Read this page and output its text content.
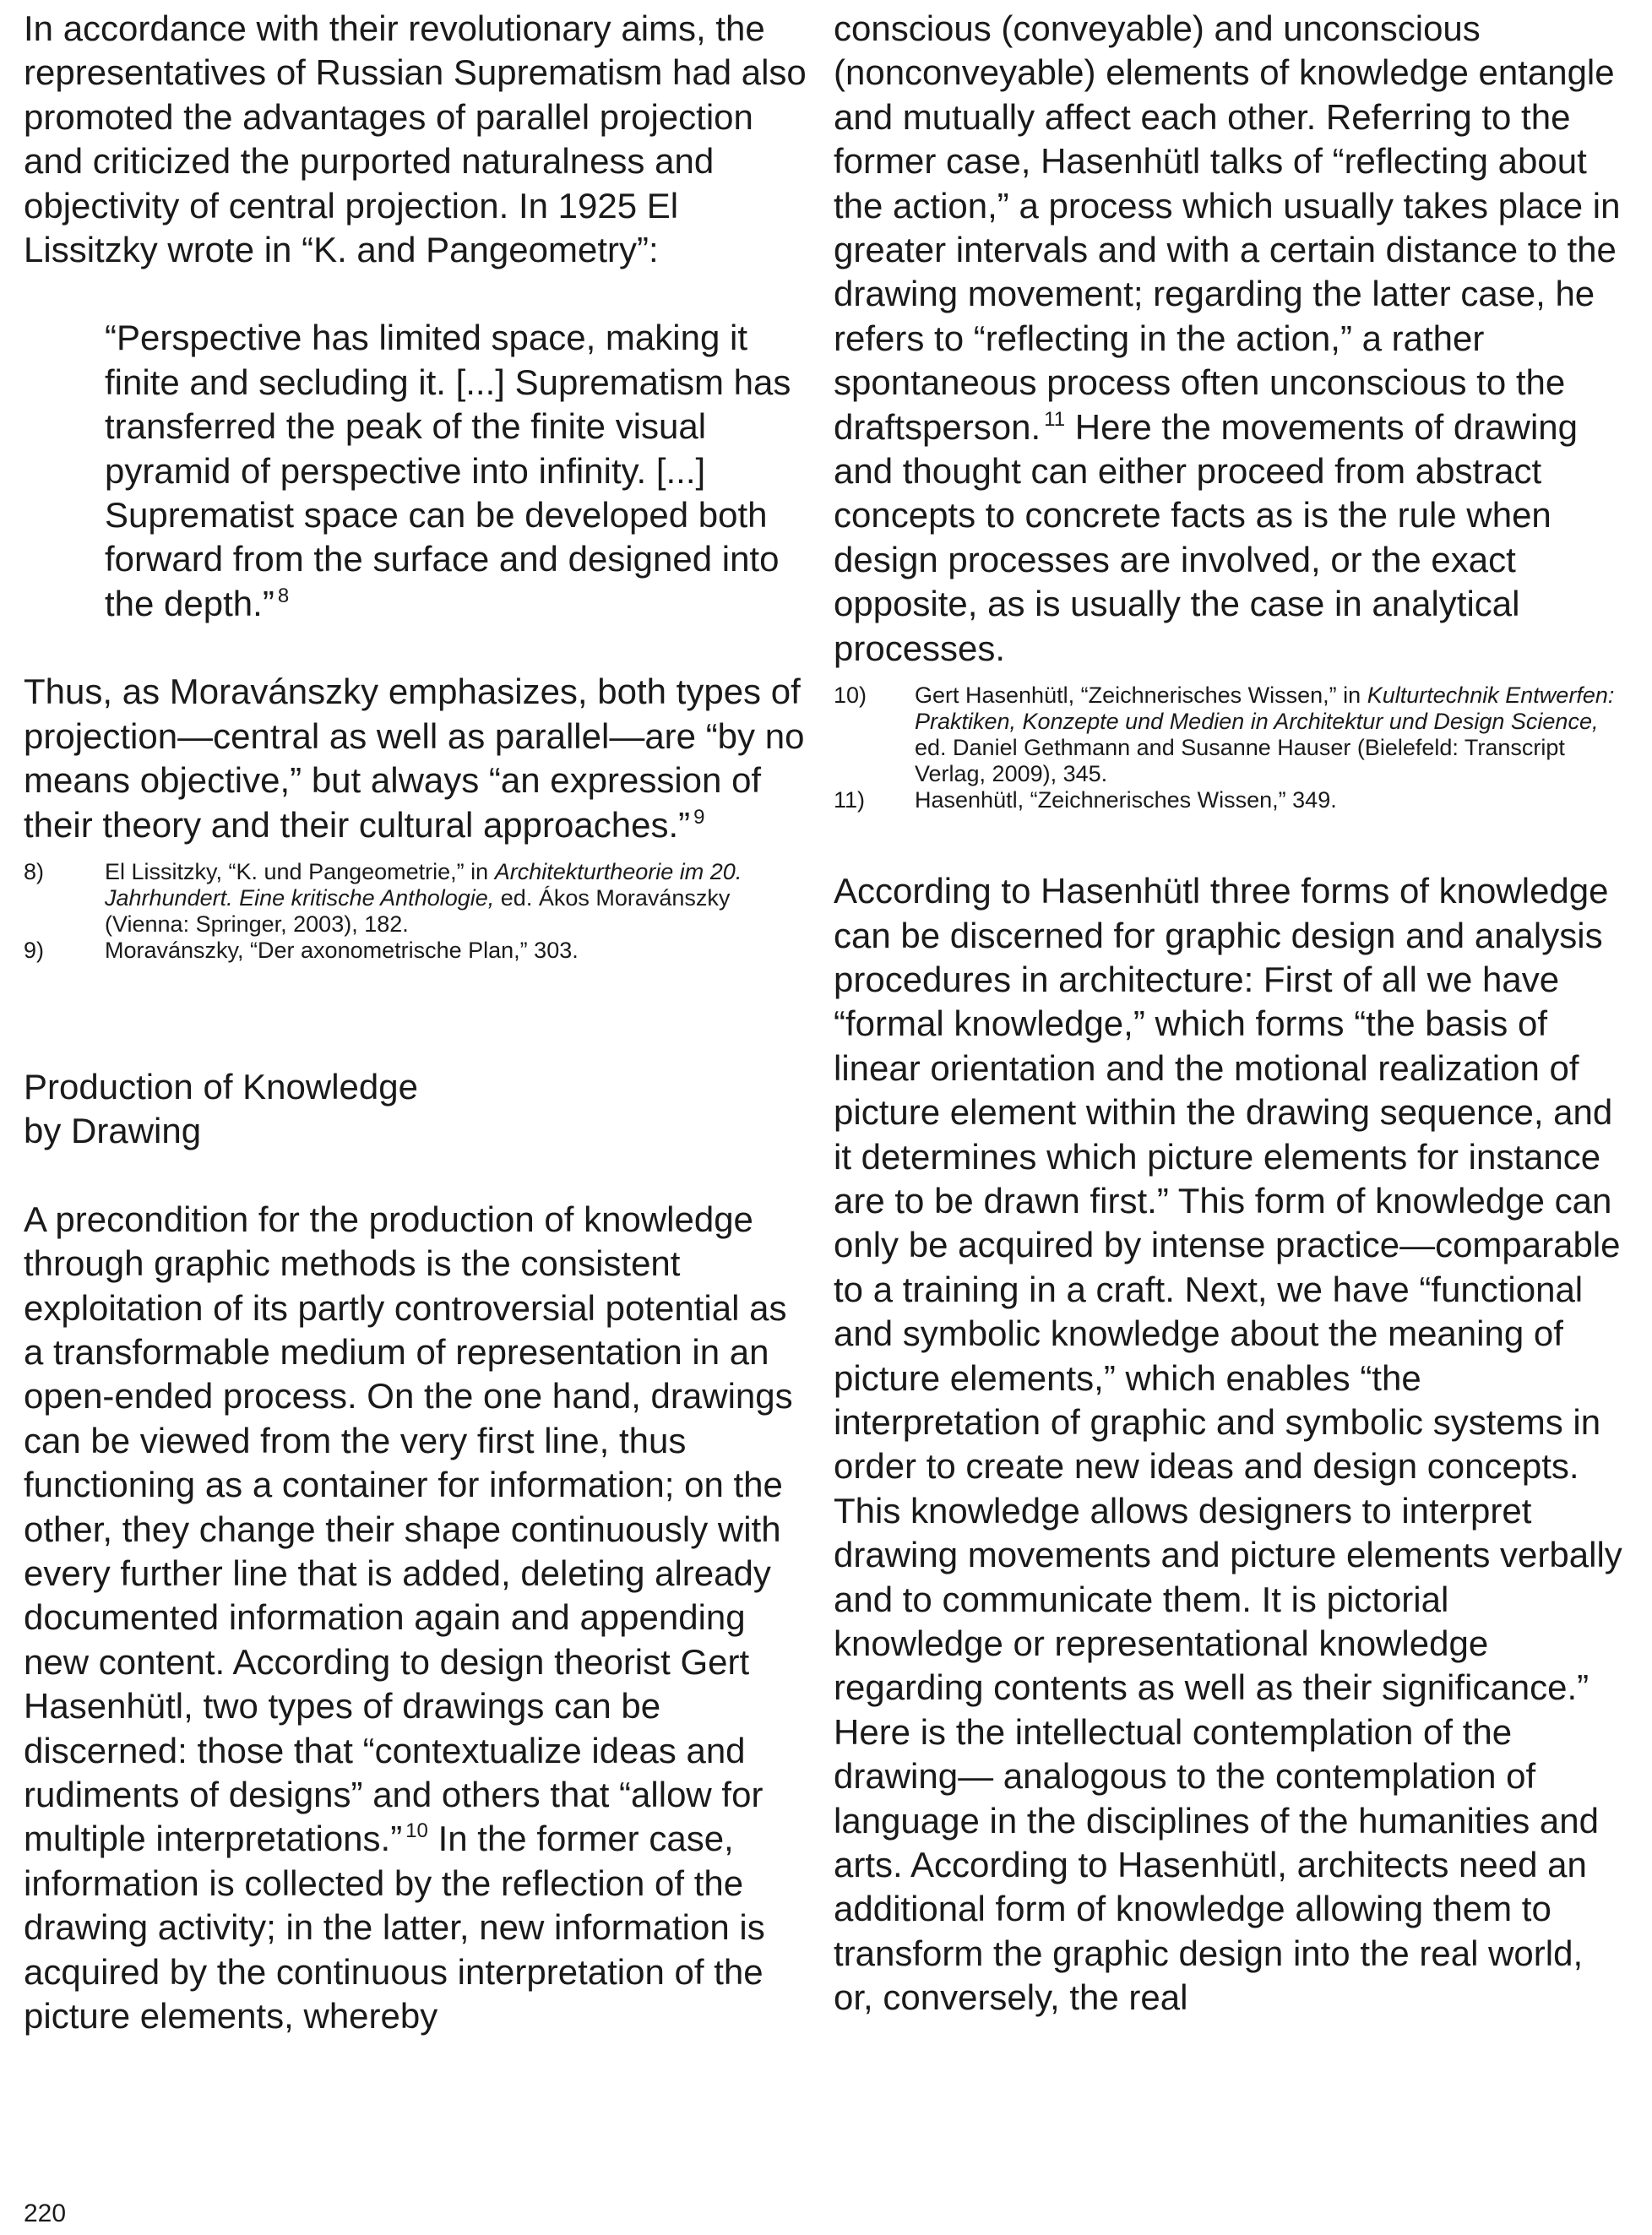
In accordance with their revolutionary aims, the representatives of Russian Suprematism had also promoted the advantages of parallel projection and criticized the purported naturalness and objectivity of central projection. In 1925 El Lissitzky wrote in “K. and Pangeometry”:

“Perspective has limited space, making it finite and secluding it. [...] Suprematism has transferred the peak of the finite visual pyramid of perspective into infinity. [...] Suprematist space can be developed both forward from the surface and designed into the depth.” $^8$

Thus, as Moravánszky emphasizes, both types of projection—central as well as parallel—are “by no means objective,” but always “an expression of their theory and their cultural approaches.” $^9$

8)	El Lissitzky, “K. und Pangeometrie,” in Architekturtheorie im 20. Jahrhundert. Eine kritische Anthologie, ed. Ákos Moravánszky (Vienna: Springer, 2003), 182.
9)	Moravánszky, “Der axonometrische Plan,” 303.

Production of Knowledge
by Drawing

A precondition for the production of knowledge through graphic methods is the consistent exploitation of its partly controversial potential as a transformable medium of representation in an open-ended process. On the one hand, drawings can be viewed from the very first line, thus functioning as a container for information; on the other, they change their shape continuously with every further line that is added, deleting already documented information again and appending new content. According to design theorist Gert Hasenhütl, two types of drawings can be discerned: those that “contextualize ideas and rudiments of designs” and others that “allow for multiple interpretations.” $^{10}$ In the former case, information is collected by the reflection of the drawing activity; in the latter, new information is acquired by the continuous interpretation of the picture elements, whereby

conscious (conveyable) and unconscious (nonconveyable) elements of knowledge entangle and mutually affect each other. Referring to the former case, Hasenhütl talks of “reflecting about the action,” a process which usually takes place in greater intervals and with a certain distance to the drawing movement; regarding the latter case, he refers to “reflecting in the action,” a rather spontaneous process often unconscious to the draftsperson. $^{11}$ Here the movements of drawing and thought can either proceed from abstract concepts to concrete facts as is the rule when design processes are involved, or the exact opposite, as is usually the case in analytical processes.

10)	Gert Hasenhütl, “Zeichnerisches Wissen,” in Kulturtechnik Entwerfen: Praktiken, Konzepte und Medien in Architektur und Design Science, ed. Daniel Gethmann and Susanne Hauser (Bielefeld: Transcript Verlag, 2009), 345.
11)	Hasenhütl, “Zeichnerisches Wissen,” 349.

According to Hasenhütl three forms of knowledge can be discerned for graphic design and analysis procedures in architecture: First of all we have “formal knowledge,” which forms “the basis of linear orientation and the motional realization of picture element within the drawing sequence, and it determines which picture elements for instance are to be drawn first.” This form of knowledge can only be acquired by intense practice—comparable to a training in a craft. Next, we have “functional and symbolic knowledge about the meaning of picture elements,” which enables “the interpretation of graphic and symbolic systems in order to create new ideas and design concepts. This knowledge allows designers to interpret drawing movements and picture elements verbally and to communicate them. It is pictorial knowledge or representational knowledge regarding contents as well as their significance.” Here is the intellectual contemplation of the drawing— analogous to the contemplation of language in the disciplines of the humanities and arts. According to Hasenhütl, architects need an additional form of knowledge allowing them to transform the graphic design into the real world, or, conversely, the real

220
